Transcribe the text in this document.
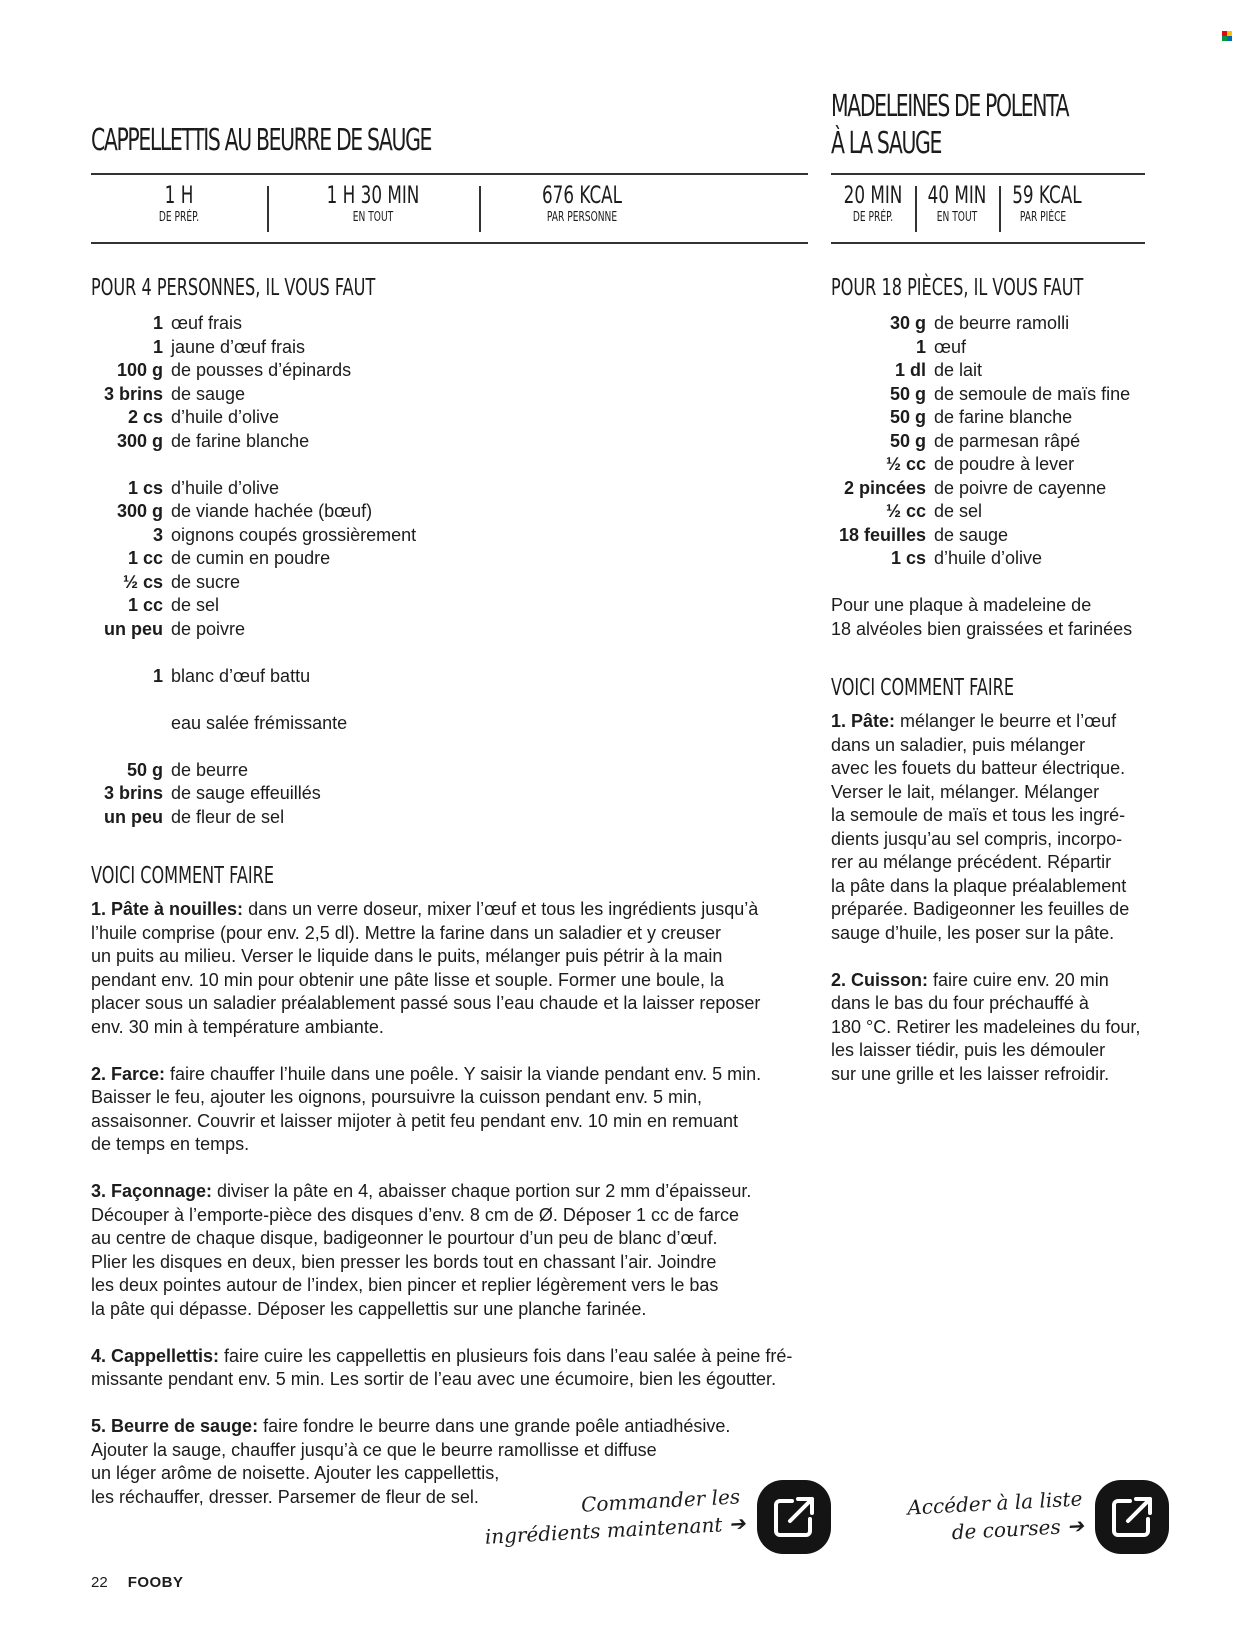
CAPPELLETTIS AU BEURRE DE SAUGE
1 H
DE PRÉP.
1 H 30 MIN
EN TOUT
676 KCAL
PAR PERSONNE
POUR 4 PERSONNES, IL VOUS FAUT
1 œuf frais
1 jaune d’œuf frais
100 g de pousses d’épinards
3 brins de sauge
2 cs d’huile d’olive
300 g de farine blanche
1 cs d’huile d’olive
300 g de viande hachée (bœuf)
3 oignons coupés grossièrement
1 cc de cumin en poudre
½ cs de sucre
1 cc de sel
un peu de poivre
1 blanc d’œuf battu
eau salée frémissante
50 g de beurre
3 brins de sauge effeuillés
un peu de fleur de sel
VOICI COMMENT FAIRE
1. Pâte à nouilles: dans un verre doseur, mixer l’œuf et tous les ingrédients jusqu’à
l’huile comprise (pour env. 2,5 dl). Mettre la farine dans un saladier et y creuser
un puits au milieu. Verser le liquide dans le puits, mélanger puis pétrir à la main
pendant env. 10 min pour obtenir une pâte lisse et souple. Former une boule, la
placer sous un saladier préalablement passé sous l’eau chaude et la laisser reposer
env. 30 min à température ambiante.
2. Farce: faire chauffer l’huile dans une poêle. Y saisir la viande pendant env. 5 min.
Baisser le feu, ajouter les oignons, poursuivre la cuisson pendant env. 5 min,
assaisonner. Couvrir et laisser mijoter à petit feu pendant env. 10 min en remuant
de temps en temps.
3. Façonnage: diviser la pâte en 4, abaisser chaque portion sur 2 mm d’épaisseur.
Découper à l’emporte-pièce des disques d’env. 8 cm de Ø. Déposer 1 cc de farce
au centre de chaque disque, badigeonner le pourtour d’un peu de blanc d’œuf.
Plier les disques en deux, bien presser les bords tout en chassant l’air. Joindre
les deux pointes autour de l’index, bien pincer et replier légèrement vers le bas
la pâte qui dépasse. Déposer les cappellettis sur une planche farinée.
4. Cappellettis: faire cuire les cappellettis en plusieurs fois dans l’eau salée à peine fré-
missante pendant env. 5 min. Les sortir de l’eau avec une écumoire, bien les égoutter.
5. Beurre de sauge: faire fondre le beurre dans une grande poêle antiadhésive.
Ajouter la sauge, chauffer jusqu’à ce que le beurre ramollisse et diffuse
un léger arôme de noisette. Ajouter les cappellettis,
les réchauffer, dresser. Parsemer de fleur de sel.	Commander les
ingrédients maintenant ➔
MADELEINES DE POLENTA
À LA SAUGE
20 MIN
DE PRÉP.
40 MIN
EN TOUT
59 KCAL
PAR PIÈCE
POUR 18 PIÈCES, IL VOUS FAUT
30 g de beurre ramolli
1 œuf
1 dl de lait
50 g de semoule de maïs fine
50 g de farine blanche
50 g de parmesan râpé
½ cc de poudre à lever
2 pincées de poivre de cayenne
½ cc de sel
18 feuilles de sauge
1 cs d’huile d’olive
Pour une plaque à madeleine de
18 alvéoles bien graissées et farinées
VOICI COMMENT FAIRE
1. Pâte: mélanger le beurre et l’œuf
dans un saladier, puis mélanger
avec les fouets du batteur électrique.
Verser le lait, mélanger. Mélanger
la semoule de maïs et tous les ingré-
dients jusqu’au sel compris, incorpo-
rer au mélange précédent. Répartir
la pâte dans la plaque préalablement
préparée. Badigeonner les feuilles de
sauge d’huile, les poser sur la pâte.
2. Cuisson: faire cuire env. 20 min
dans le bas du four préchauffé à
180 °C. Retirer les madeleines du four,
les laisser tiédir, puis les démouler
sur une grille et les laisser refroidir.
Accéder à la liste
de courses ➔
22 FOOBY
